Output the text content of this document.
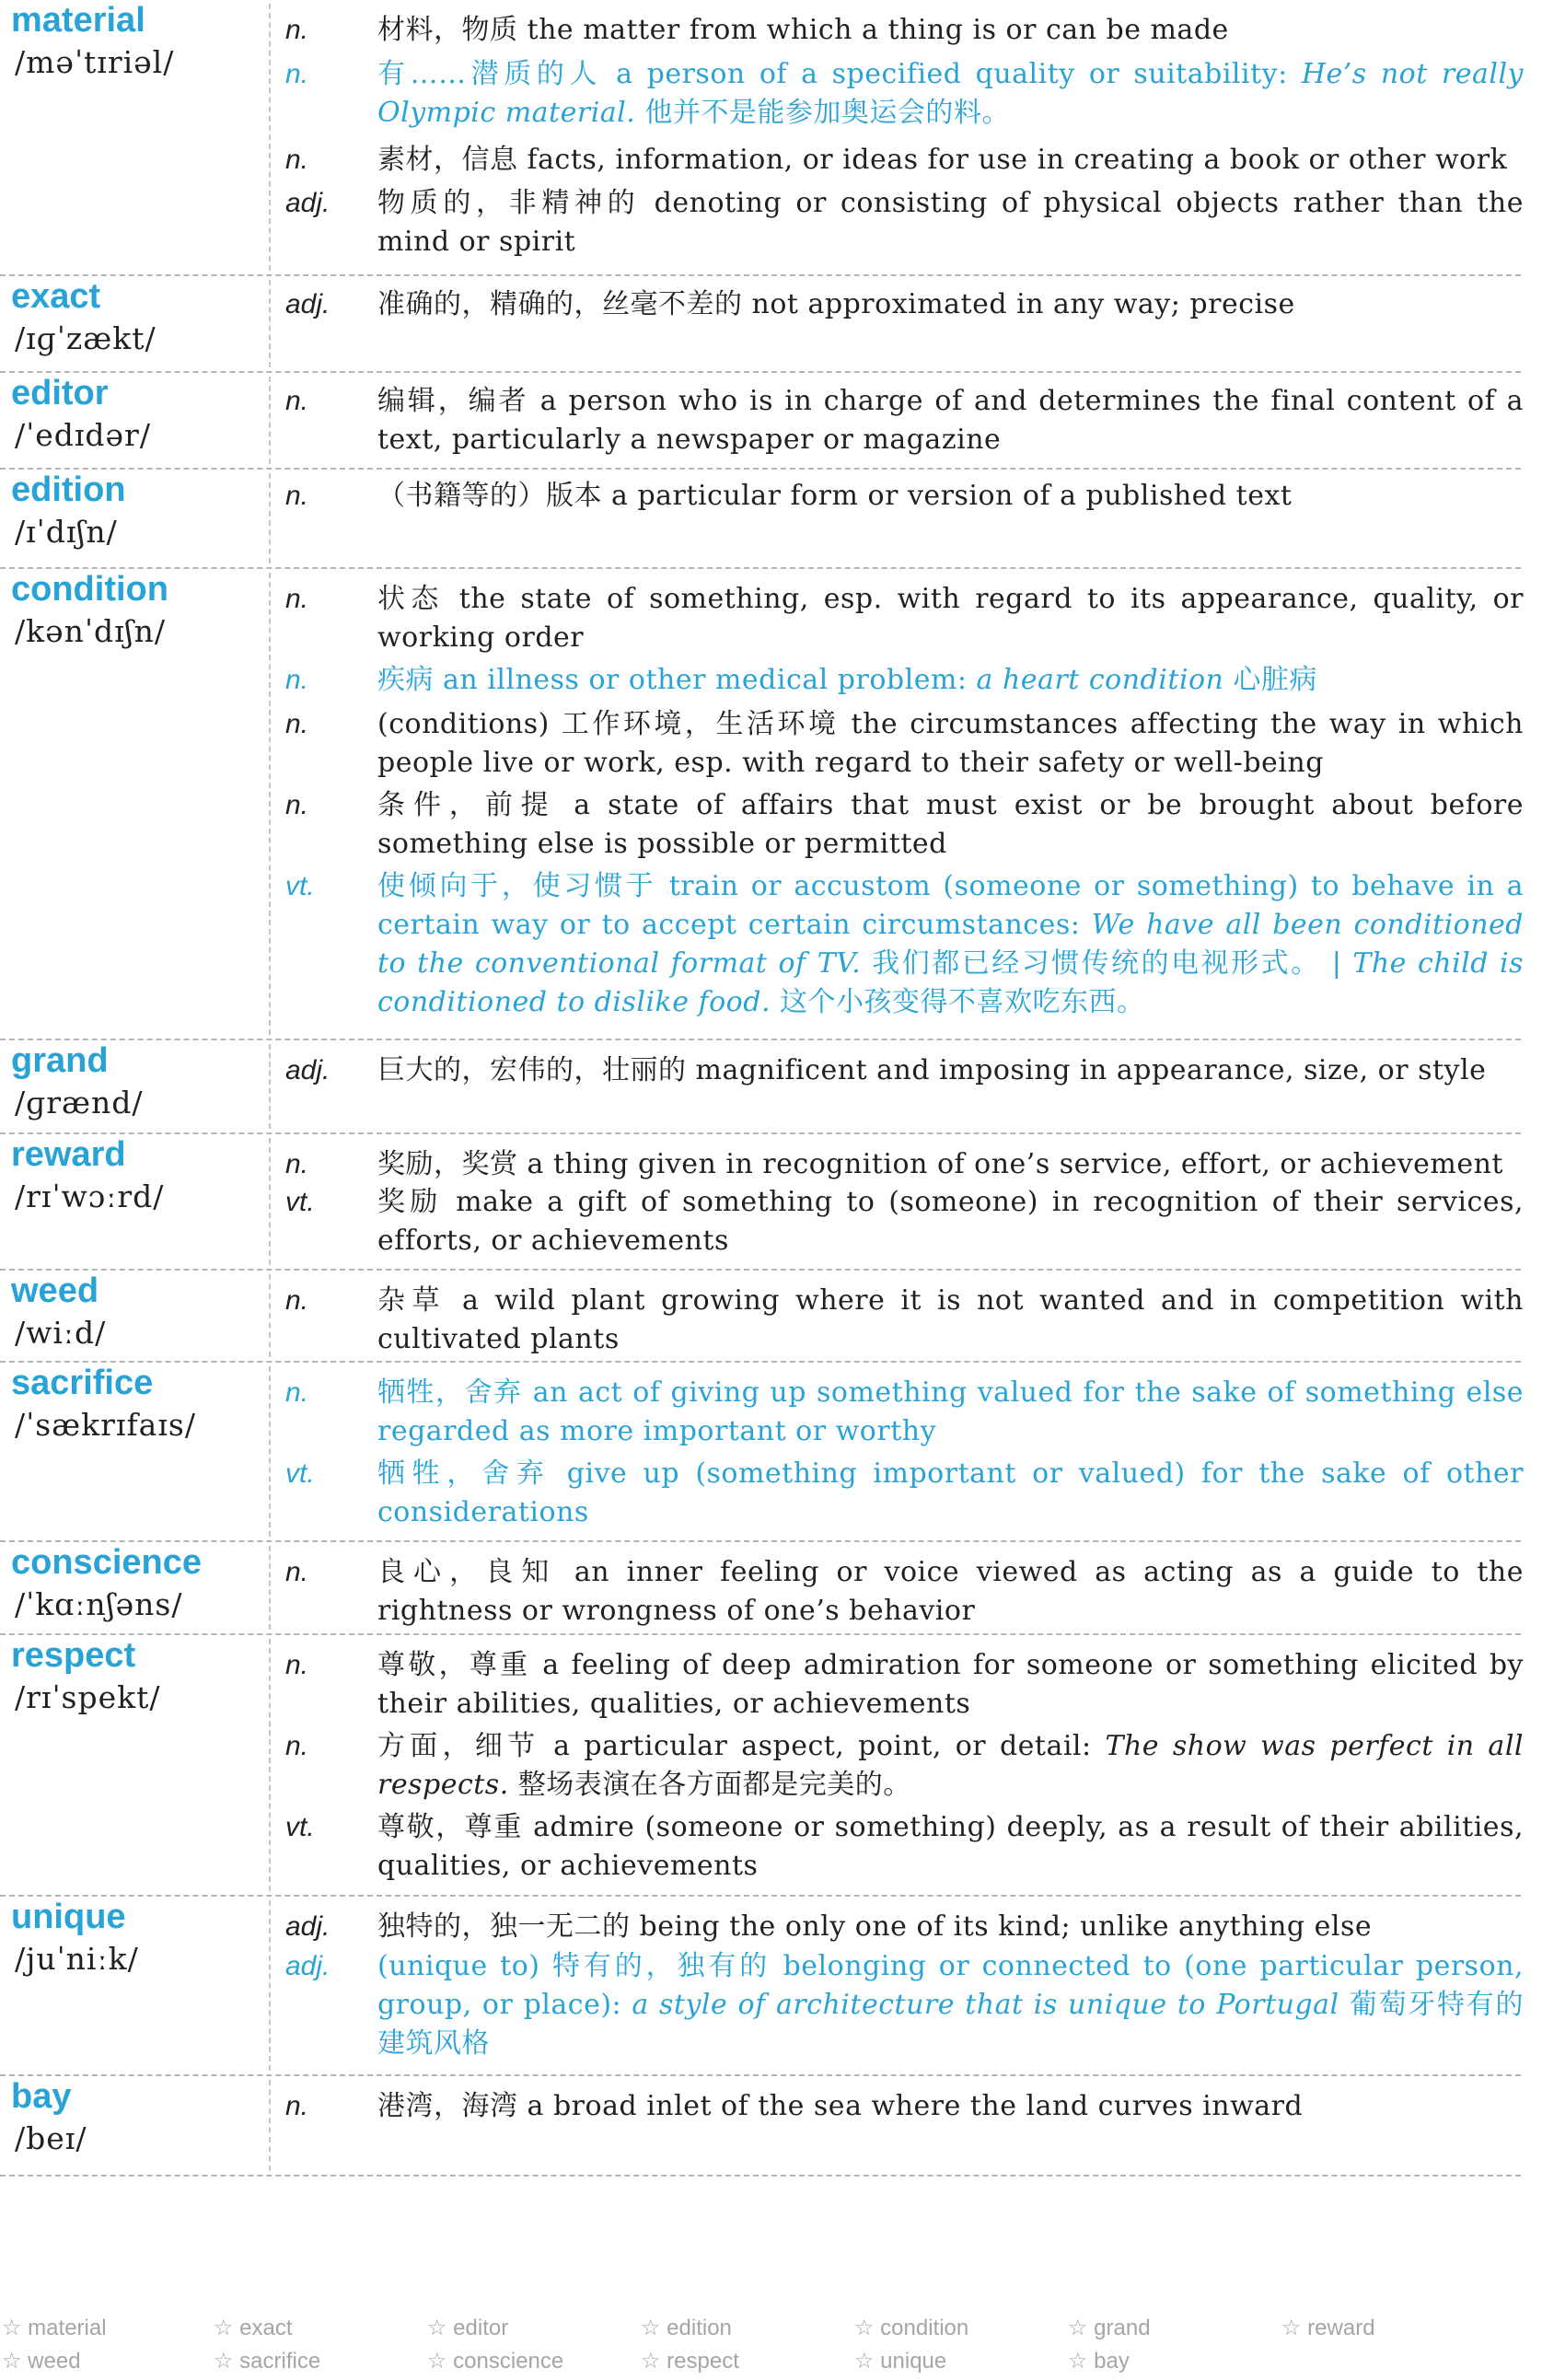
material
/məˈtɪriəl/
n.	材料，物质 the matter from which a thing is or can be made
n.	有……潜质的人 a person of a specified quality or suitability: He’s not really Olympic material. 他并不是能参加奥运会的料。
n.	素材，信息 facts, information, or ideas for use in creating a book or other work
adj.	物质的，非精神的 denoting or consisting of physical objects rather than the mind or spirit
exact
/ɪɡˈzækt/
adj.	准确的，精确的，丝毫不差的 not approximated in any way; precise
editor
/ˈedɪdər/
n.	编辑，编者 a person who is in charge of and determines the final content of a text, particularly a newspaper or magazine
edition
/ɪˈdɪʃn/
n.	（书籍等的）版本 a particular form or version of a published text
condition
/kənˈdɪʃn/
n.	状态 the state of something, esp. with regard to its appearance, quality, or working order
n.	疾病 an illness or other medical problem: a heart condition 心脏病
n.	(conditions) 工作环境，生活环境 the circumstances affecting the way in which people live or work, esp. with regard to their safety or well-being
n.	条件，前提 a state of affairs that must exist or be brought about before something else is possible or permitted
vt.	使倾向于，使习惯于 train or accustom (someone or something) to behave in a certain way or to accept certain circumstances: We have all been conditioned to the conventional format of TV. 我们都已经习惯传统的电视形式。 | The child is conditioned to dislike food. 这个小孩变得不喜欢吃东西。
grand
/ɡrænd/
adj.	巨大的，宏伟的，壮丽的 magnificent and imposing in appearance, size, or style
reward
/rɪˈwɔːrd/
n.	奖励，奖赏 a thing given in recognition of one’s service, effort, or achievement
vt.	奖励 make a gift of something to (someone) in recognition of their services, efforts, or achievements
weed
/wiːd/
n.	杂草 a wild plant growing where it is not wanted and in competition with cultivated plants
sacrifice
/ˈsækrɪfaɪs/
n.	牺牲，舍弃 an act of giving up something valued for the sake of something else regarded as more important or worthy
vt.	牺牲，舍弃 give up (something important or valued) for the sake of other considerations
conscience
/ˈkɑːnʃəns/
n.	良心，良知 an inner feeling or voice viewed as acting as a guide to the rightness or wrongness of one’s behavior
respect
/rɪˈspekt/
n.	尊敬，尊重 a feeling of deep admiration for someone or something elicited by their abilities, qualities, or achievements
n.	方面，细节 a particular aspect, point, or detail: The show was perfect in all respects. 整场表演在各方面都是完美的。
vt.	尊敬，尊重 admire (someone or something) deeply, as a result of their abilities, qualities, or achievements
unique
/juˈniːk/
adj.	独特的，独一无二的 being the only one of its kind; unlike anything else
adj.	(unique to) 特有的，独有的 belonging or connected to (one particular person, group, or place): a style of architecture that is unique to Portugal 葡萄牙特有的建筑风格
bay
/beɪ/
n.	港湾，海湾 a broad inlet of the sea where the land curves inward
☆ material	☆ exact	☆ editor	☆ edition	☆ condition	☆ grand	☆ reward
☆ weed	☆ sacrifice	☆ conscience	☆ respect	☆ unique	☆ bay
